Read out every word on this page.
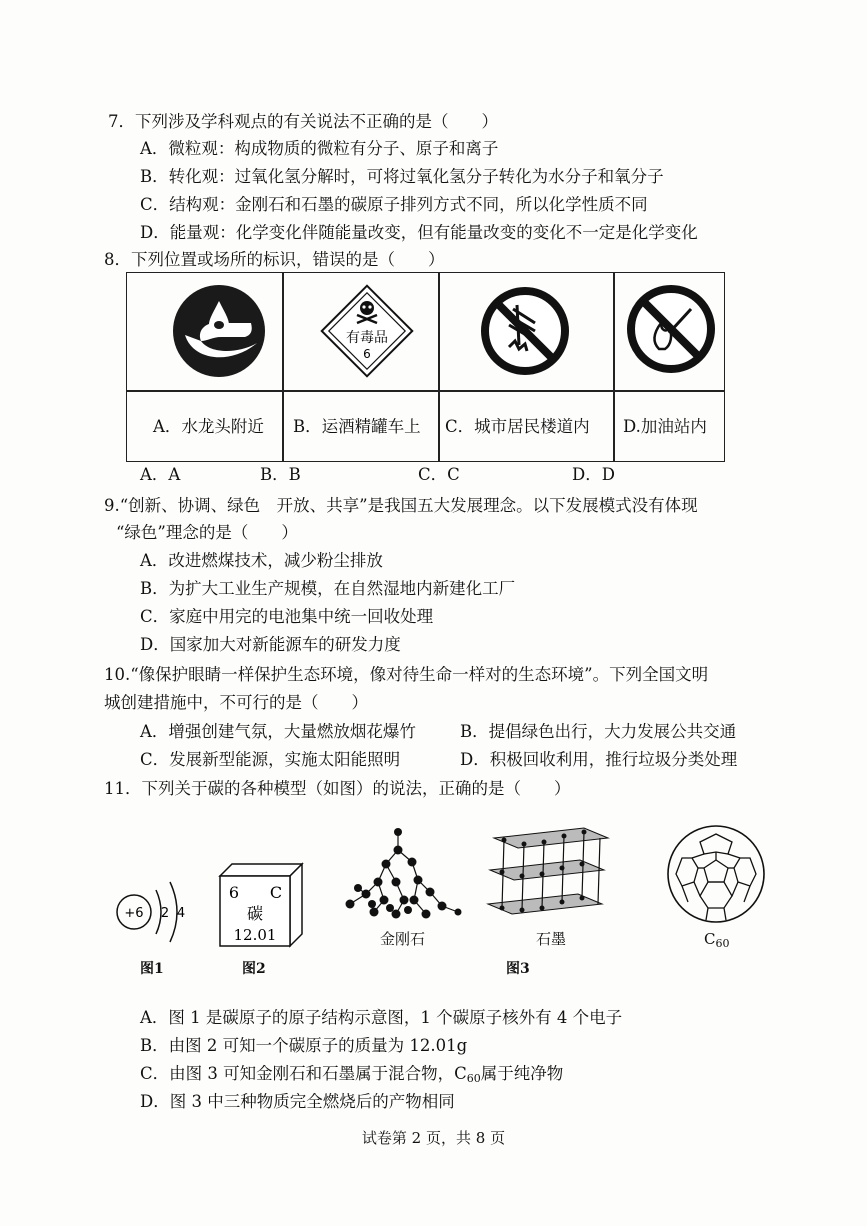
7．下列涉及学科观点的有关说法不正确的是（　　）
A．微粒观：构成物质的微粒有分子、原子和离子
B．转化观：过氧化氢分解时，可将过氧化氢分子转化为水分子和氧分子
C．结构观：金刚石和石墨的碳原子排列方式不同，所以化学性质不同
D．能量观：化学变化伴随能量改变，但有能量改变的变化不一定是化学变化
8．下列位置或场所的标识，错误的是（　　）
有毒品
6
A．水龙头附近 B．运酒精罐车上 C．城市居民楼道内 D.加油站内
A．A	B．B	C．C	D．D
9.“创新、协调、绿色　开放、共享”是我国五大发展理念。以下发展模式没有体现
“绿色”理念的是（　　）
A．改进燃煤技术，减少粉尘排放
B．为扩大工业生产规模，在自然湿地内新建化工厂
C．家庭中用完的电池集中统一回收处理
D．国家加大对新能源车的研发力度
10.“像保护眼睛一样保护生态环境，像对待生命一样对的生态环境”。下列全国文明
城创建措施中，不可行的是（　　）
A．增强创建气氛，大量燃放烟花爆竹	B．提倡绿色出行，大力发展公共交通
C．发展新型能源，实施太阳能照明	D．积极回收利用，推行垃圾分类处理
11．下列关于碳的各种模型（如图）的说法，正确的是（　　）
+6 2 4
图1
6 C
碳
12.01
图2
金刚石	石墨
图3
$C_{60}$
A．图 1 是碳原子的原子结构示意图，1 个碳原子核外有 4 个电子
B．由图 2 可知一个碳原子的质量为 12.01g
C．由图 3 可知金刚石和石墨属于混合物，$C_{60}$属于纯净物
D．图 3 中三种物质完全燃烧后的产物相同
试卷第 2 页，共 8 页
